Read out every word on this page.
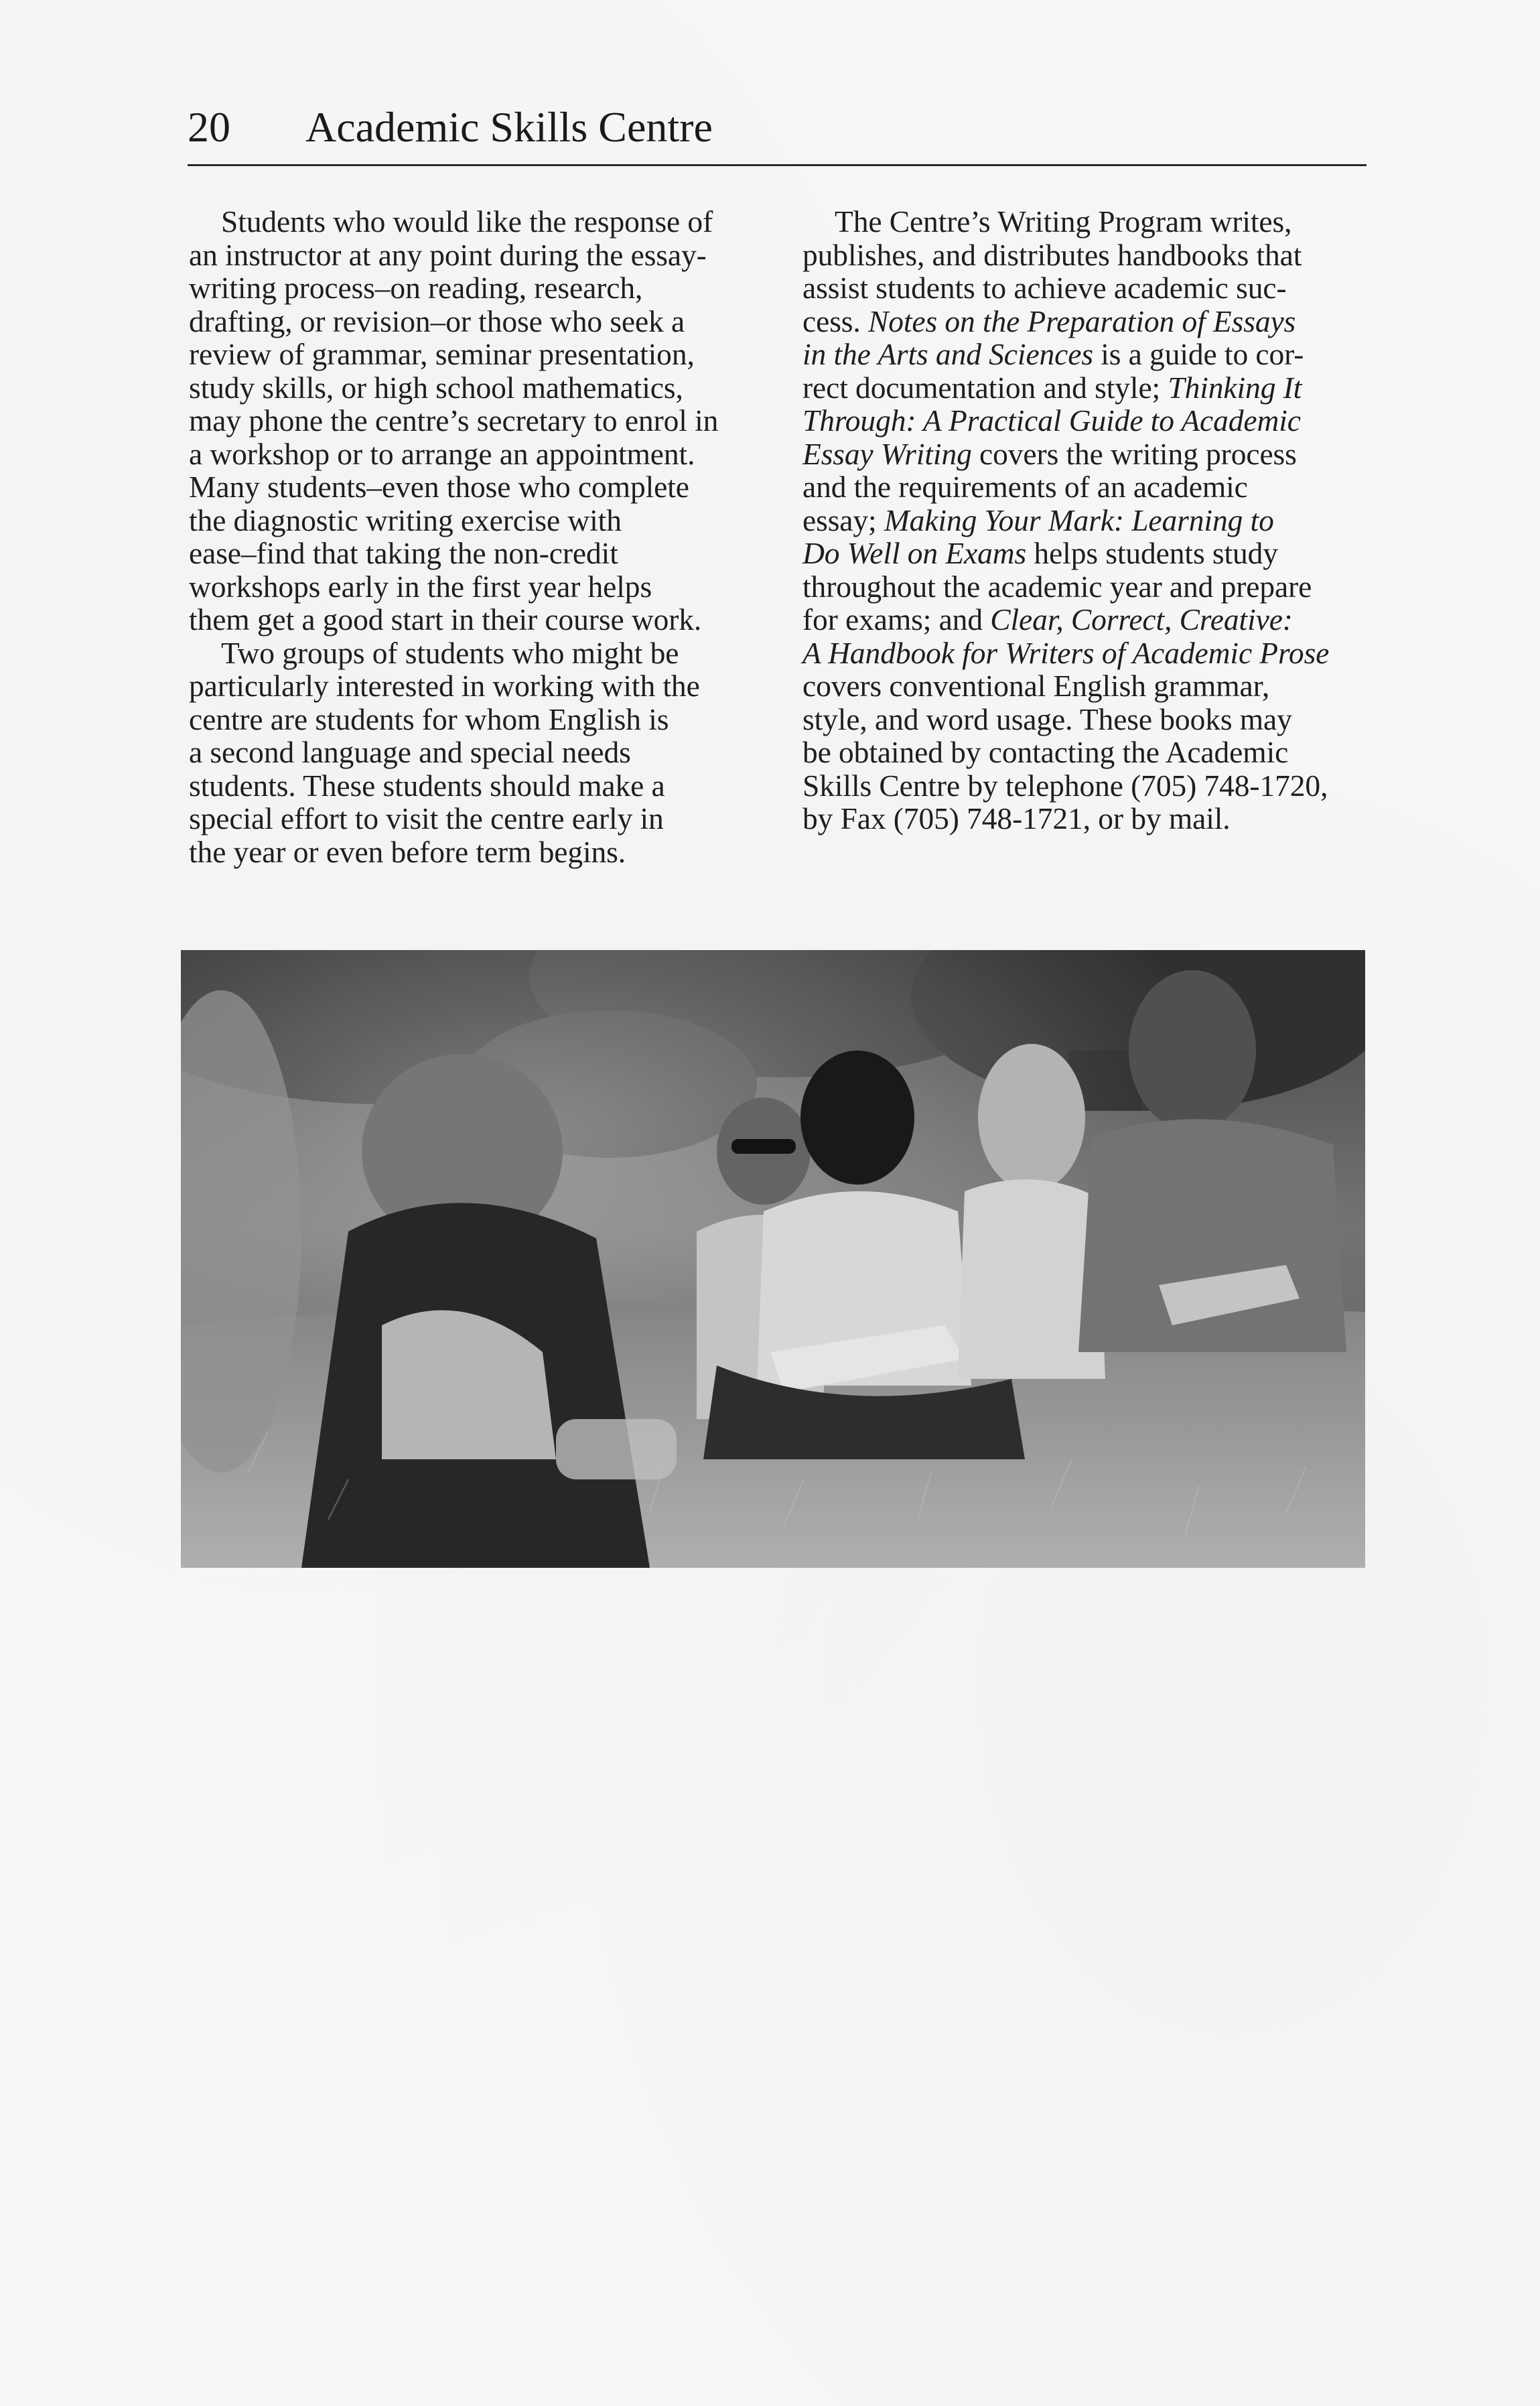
20 Academic Skills Centre
Students who would like the response of
an instructor at any point during the essay-
writing process–on reading, research,
drafting, or revision–or those who seek a
review of grammar, seminar presentation,
study skills, or high school mathematics,
may phone the centre’s secretary to enrol in
a workshop or to arrange an appointment.
Many students–even those who complete
the diagnostic writing exercise with
ease–find that taking the non-credit
workshops early in the first year helps
them get a good start in their course work.
Two groups of students who might be
particularly interested in working with the
centre are students for whom English is
a second language and special needs
students. These students should make a
special effort to visit the centre early in
the year or even before term begins.
The Centre’s Writing Program writes,
publishes, and distributes handbooks that
assist students to achieve academic suc-
cess. Notes on the Preparation of Essays
in the Arts and Sciences is a guide to cor-
rect documentation and style; Thinking It
Through: A Practical Guide to Academic
Essay Writing covers the writing process
and the requirements of an academic
essay; Making Your Mark: Learning to
Do Well on Exams helps students study
throughout the academic year and prepare
for exams; and Clear, Correct, Creative:
A Handbook for Writers of Academic Prose
covers conventional English grammar,
style, and word usage. These books may
be obtained by contacting the Academic
Skills Centre by telephone (705) 748-1720,
by Fax (705) 748-1721, or by mail.
